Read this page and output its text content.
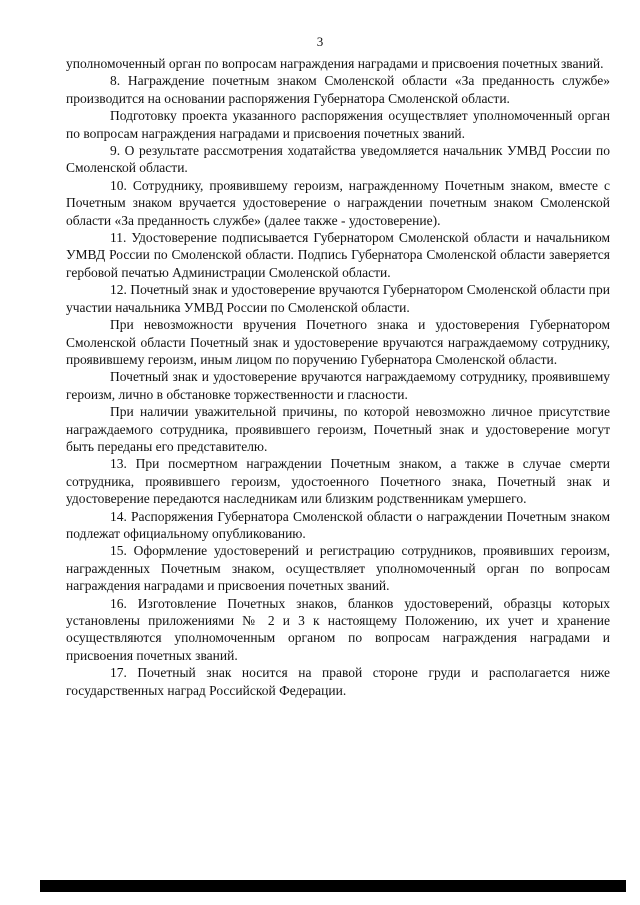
3

уполномоченный орган по вопросам награждения наградами и присвоения почетных званий.

8. Награждение почетным знаком Смоленской области «За преданность службе» производится на основании распоряжения Губернатора Смоленской области.

Подготовку проекта указанного распоряжения осуществляет уполномоченный орган по вопросам награждения наградами и присвоения почетных званий.

9. О результате рассмотрения ходатайства уведомляется начальник УМВД России по Смоленской области.

10. Сотруднику, проявившему героизм, награжденному Почетным знаком, вместе с Почетным знаком вручается удостоверение о награждении почетным знаком Смоленской области «За преданность службе» (далее также - удостоверение).

11. Удостоверение подписывается Губернатором Смоленской области и начальником УМВД России по Смоленской области. Подпись Губернатора Смоленской области заверяется гербовой печатью Администрации Смоленской области.

12. Почетный знак и удостоверение вручаются Губернатором Смоленской области при участии начальника УМВД России по Смоленской области.

При невозможности вручения Почетного знака и удостоверения Губернатором Смоленской области Почетный знак и удостоверение вручаются награждаемому сотруднику, проявившему героизм, иным лицом по поручению Губернатора Смоленской области.

Почетный знак и удостоверение вручаются награждаемому сотруднику, проявившему героизм, лично в обстановке торжественности и гласности.

При наличии уважительной причины, по которой невозможно личное присутствие награждаемого сотрудника, проявившего героизм, Почетный знак и удостоверение могут быть переданы его представителю.

13. При посмертном награждении Почетным знаком, а также в случае смерти сотрудника, проявившего героизм, удостоенного Почетного знака, Почетный знак и удостоверение передаются наследникам или близким родственникам умершего.

14. Распоряжения Губернатора Смоленской области о награждении Почетным знаком подлежат официальному опубликованию.

15. Оформление удостоверений и регистрацию сотрудников, проявивших героизм, награжденных Почетным знаком, осуществляет уполномоченный орган по вопросам награждения наградами и присвоения почетных званий.

16. Изготовление Почетных знаков, бланков удостоверений, образцы которых установлены приложениями № 2 и 3 к настоящему Положению, их учет и хранение осуществляются уполномоченным органом по вопросам награждения наградами и присвоения почетных званий.

17. Почетный знак носится на правой стороне груди и располагается ниже государственных наград Российской Федерации.
